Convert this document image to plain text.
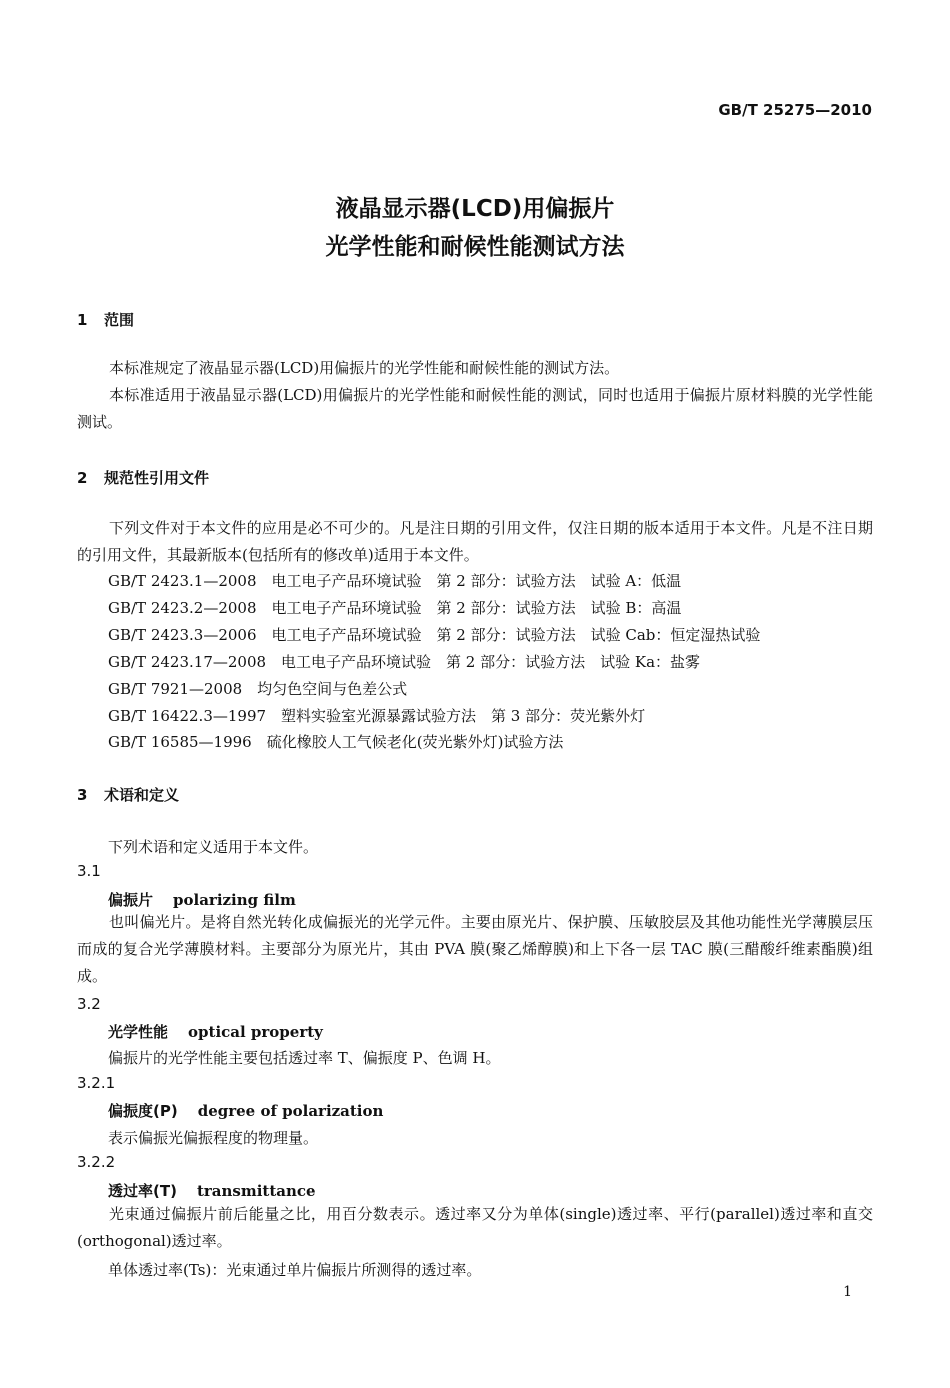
GB/T 25275—2010
液晶显示器(LCD)用偏振片
光学性能和耐候性能测试方法
1 范围
本标准规定了液晶显示器(LCD)用偏振片的光学性能和耐候性能的测试方法。
本标准适用于液晶显示器(LCD)用偏振片的光学性能和耐候性能的测试，同时也适用于偏振片原材料膜的光学性能测试。
2 规范性引用文件
下列文件对于本文件的应用是必不可少的。凡是注日期的引用文件，仅注日期的版本适用于本文件。凡是不注日期的引用文件，其最新版本(包括所有的修改单)适用于本文件。
GB/T 2423.1—2008　电工电子产品环境试验　第 2 部分：试验方法　试验 A：低温
GB/T 2423.2—2008　电工电子产品环境试验　第 2 部分：试验方法　试验 B：高温
GB/T 2423.3—2006　电工电子产品环境试验　第 2 部分：试验方法　试验 Cab：恒定湿热试验
GB/T 2423.17—2008　电工电子产品环境试验　第 2 部分：试验方法　试验 Ka：盐雾
GB/T 7921—2008　均匀色空间与色差公式
GB/T 16422.3—1997　塑料实验室光源暴露试验方法　第 3 部分：荧光紫外灯
GB/T 16585—1996　硫化橡胶人工气候老化(荧光紫外灯)试验方法
3 术语和定义
下列术语和定义适用于本文件。
3.1
偏振片 polarizing film
也叫偏光片。是将自然光转化成偏振光的光学元件。主要由原光片、保护膜、压敏胶层及其他功能性光学薄膜层压而成的复合光学薄膜材料。主要部分为原光片，其由 PVA 膜(聚乙烯醇膜)和上下各一层 TAC 膜(三醋酸纤维素酯膜)组成。
3.2
光学性能 optical property
偏振片的光学性能主要包括透过率 T、偏振度 P、色调 H。
3.2.1
偏振度(P) degree of polarization
表示偏振光偏振程度的物理量。
3.2.2
透过率(T) transmittance
光束通过偏振片前后能量之比，用百分数表示。透过率又分为单体(single)透过率、平行(parallel)透过率和直交(orthogonal)透过率。
单体透过率(Ts)：光束通过单片偏振片所测得的透过率。
1
